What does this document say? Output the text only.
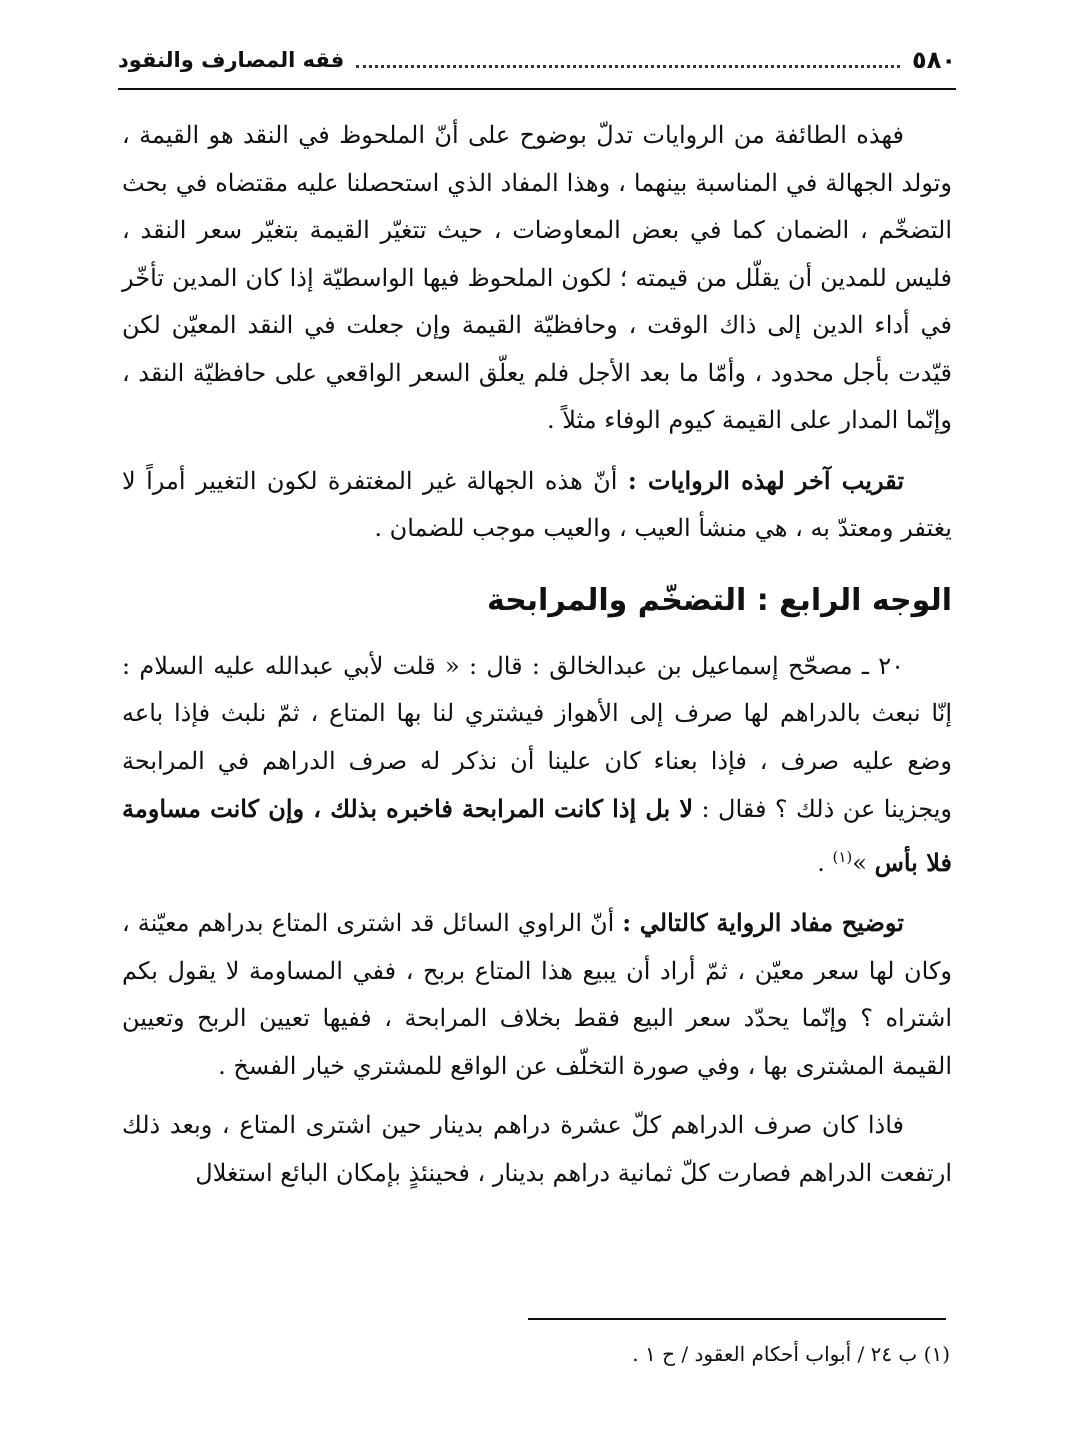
٥٨٠
فقه المصارف والنقود

فهذه الطائفة من الروايات تدلّ بوضوح على أنّ الملحوظ في النقد هو القيمة ، وتولد الجهالة في المناسبة بينهما ، وهذا المفاد الذي استحصلنا عليه مقتضاه في بحث التضخّم ، الضمان كما في بعض المعاوضات ، حيث تتغيّر القيمة بتغيّر سعر النقد ، فليس للمدين أن يقلّل من قيمته ؛ لكون الملحوظ فيها الواسطيّة إذا كان المدين تأخّر في أداء الدين إلى ذاك الوقت ، وحافظيّة القيمة وإن جعلت في النقد المعيّن لكن قيّدت بأجل محدود ، وأمّا ما بعد الأجل فلم يعلّق السعر الواقعي على حافظيّة النقد ، وإنّما المدار على القيمة كيوم الوفاء مثلاً .

تقريب آخر لهذه الروايات : أنّ هذه الجهالة غير المغتفرة لكون التغيير أمراً لا يغتفر ومعتدّ به ، هي منشأ العيب ، والعيب موجب للضمان .

الوجه الرابع : التضخّم والمرابحة

٢٠ ـ مصحّح إسماعيل بن عبدالخالق : قال : « قلت لأبي عبدالله عليه السلام : إنّا نبعث بالدراهم لها صرف إلى الأهواز فيشتري لنا بها المتاع ، ثمّ نلبث فإذا باعه وضع عليه صرف ، فإذا بعناء كان علينا أن نذكر له صرف الدراهم في المرابحة ويجزينا عن ذلك ؟ فقال : لا بل إذا كانت المرابحة فاخبره بذلك ، وإن كانت مساومة فلا بأس »$^{(١)}$ .

توضيح مفاد الرواية كالتالي : أنّ الراوي السائل قد اشترى المتاع بدراهم معيّنة ، وكان لها سعر معيّن ، ثمّ أراد أن يبيع هذا المتاع بربح ، ففي المساومة لا يقول بكم اشتراه ؟ وإنّما يحدّد سعر البيع فقط بخلاف المرابحة ، ففيها تعيين الربح وتعيين القيمة المشترى بها ، وفي صورة التخلّف عن الواقع للمشتري خيار الفسخ .

فاذا كان صرف الدراهم كلّ عشرة دراهم بدينار حين اشترى المتاع ، وبعد ذلك ارتفعت الدراهم فصارت كلّ ثمانية دراهم بدينار ، فحينئذٍ بإمكان البائع استغلال

(١) ب ٢٤ / أبواب أحكام العقود / ح ١ .
